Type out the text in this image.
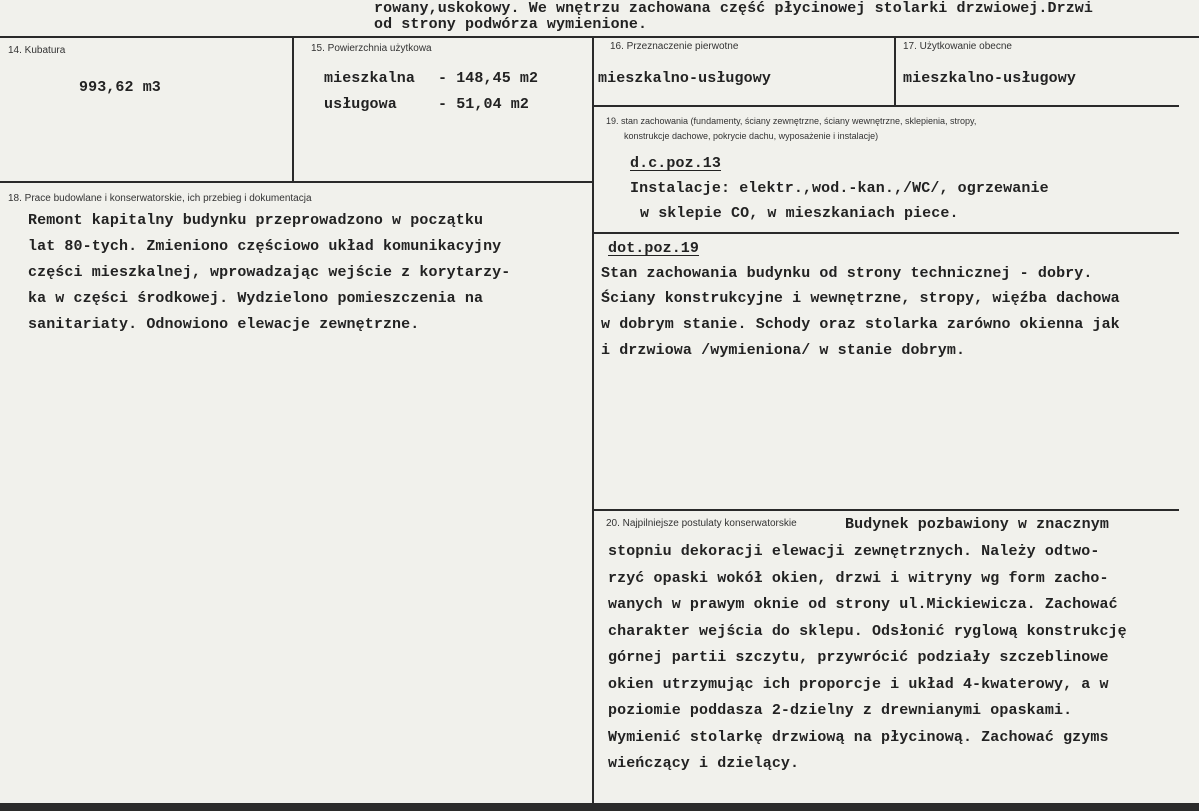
rowany,uskokowy. We wnętrzu zachowana część płycinowej stolarki drzwiowej.Drzwi
od strony podwórza wymienione.
14. Kubatura
993,62 m3
15. Powierzchnia użytkowa
mieszkalna - 148,45 m2
usługowa	- 51,04 m2
16. Przeznaczenie pierwotne
mieszkalno-usługowy
17. Użytkowanie obecne
mieszkalno-usługowy
19. stan zachowania (fundamenty, ściany zewnętrzne, ściany wewnętrzne, sklepienia, stropy,
konstrukcje dachowe, pokrycie dachu, wyposażenie i instalacje)
d.c.poz.13
Instalacje: elektr.,wod.-kan.,/WC/, ogrzewanie
w sklepie CO, w mieszkaniach piece.
dot.poz.19
Stan zachowania budynku od strony technicznej - dobry.
Ściany konstrukcyjne i wewnętrzne, stropy, więźba dachowa
w dobrym stanie. Schody oraz stolarka zarówno okienna jak
i drzwiowa /wymieniona/ w stanie dobrym.
18. Prace budowlane i konserwatorskie, ich przebieg i dokumentacja
Remont kapitalny budynku przeprowadzono w początku
lat 80-tych. Zmieniono częściowo układ komunikacyjny
części mieszkalnej, wprowadzając wejście z korytarzy-
ka w części środkowej. Wydzielono pomieszczenia na
sanitariaty. Odnowiono elewacje zewnętrzne.
20. Najpilniejsze postulaty konserwatorskie	Budynek pozbawiony w znacznym
stopniu dekoracji elewacji zewnętrznych. Należy odtwo-
rzyć opaski wokół okien, drzwi i witryny wg form zacho-
wanych w prawym oknie od strony ul.Mickiewicza. Zachować
charakter wejścia do sklepu. Odsłonić ryglową konstrukcję
górnej partii szczytu, przywrócić podziały szczeblinowe
okien utrzymując ich proporcje i układ 4-kwaterowy, a w
poziomie poddasza 2-dzielny z drewnianymi opaskami.
Wymienić stolarkę drzwiową na płycinową. Zachować gzyms
wieńczący i dzielący.
